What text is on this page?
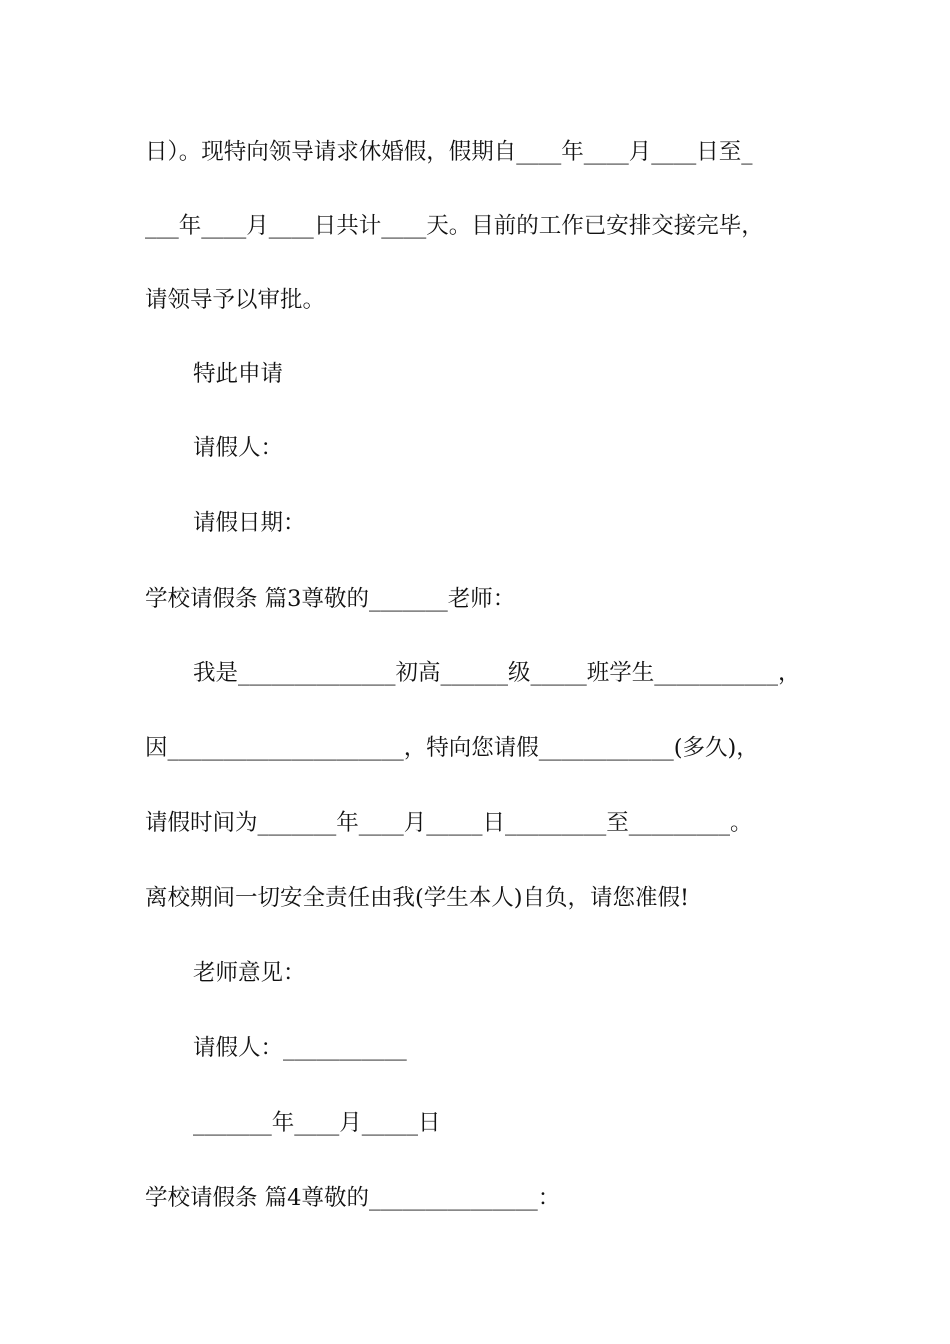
日）。现特向领导请求休婚假，假期自____年____月____日至_
___年____月____日共计____天。目前的工作已安排交接完毕，
请领导予以审批。
特此申请
请假人：
请假日期：
学校请假条 篇3尊敬的_______老师：
我是______________初高______级_____班学生___________，
因_____________________，特向您请假____________(多久)，
请假时间为_______年____月_____日_________至_________。
离校期间一切安全责任由我(学生本人)自负，请您准假!
老师意见：
请假人：___________
_______年____月_____日
学校请假条 篇4尊敬的_______________：
